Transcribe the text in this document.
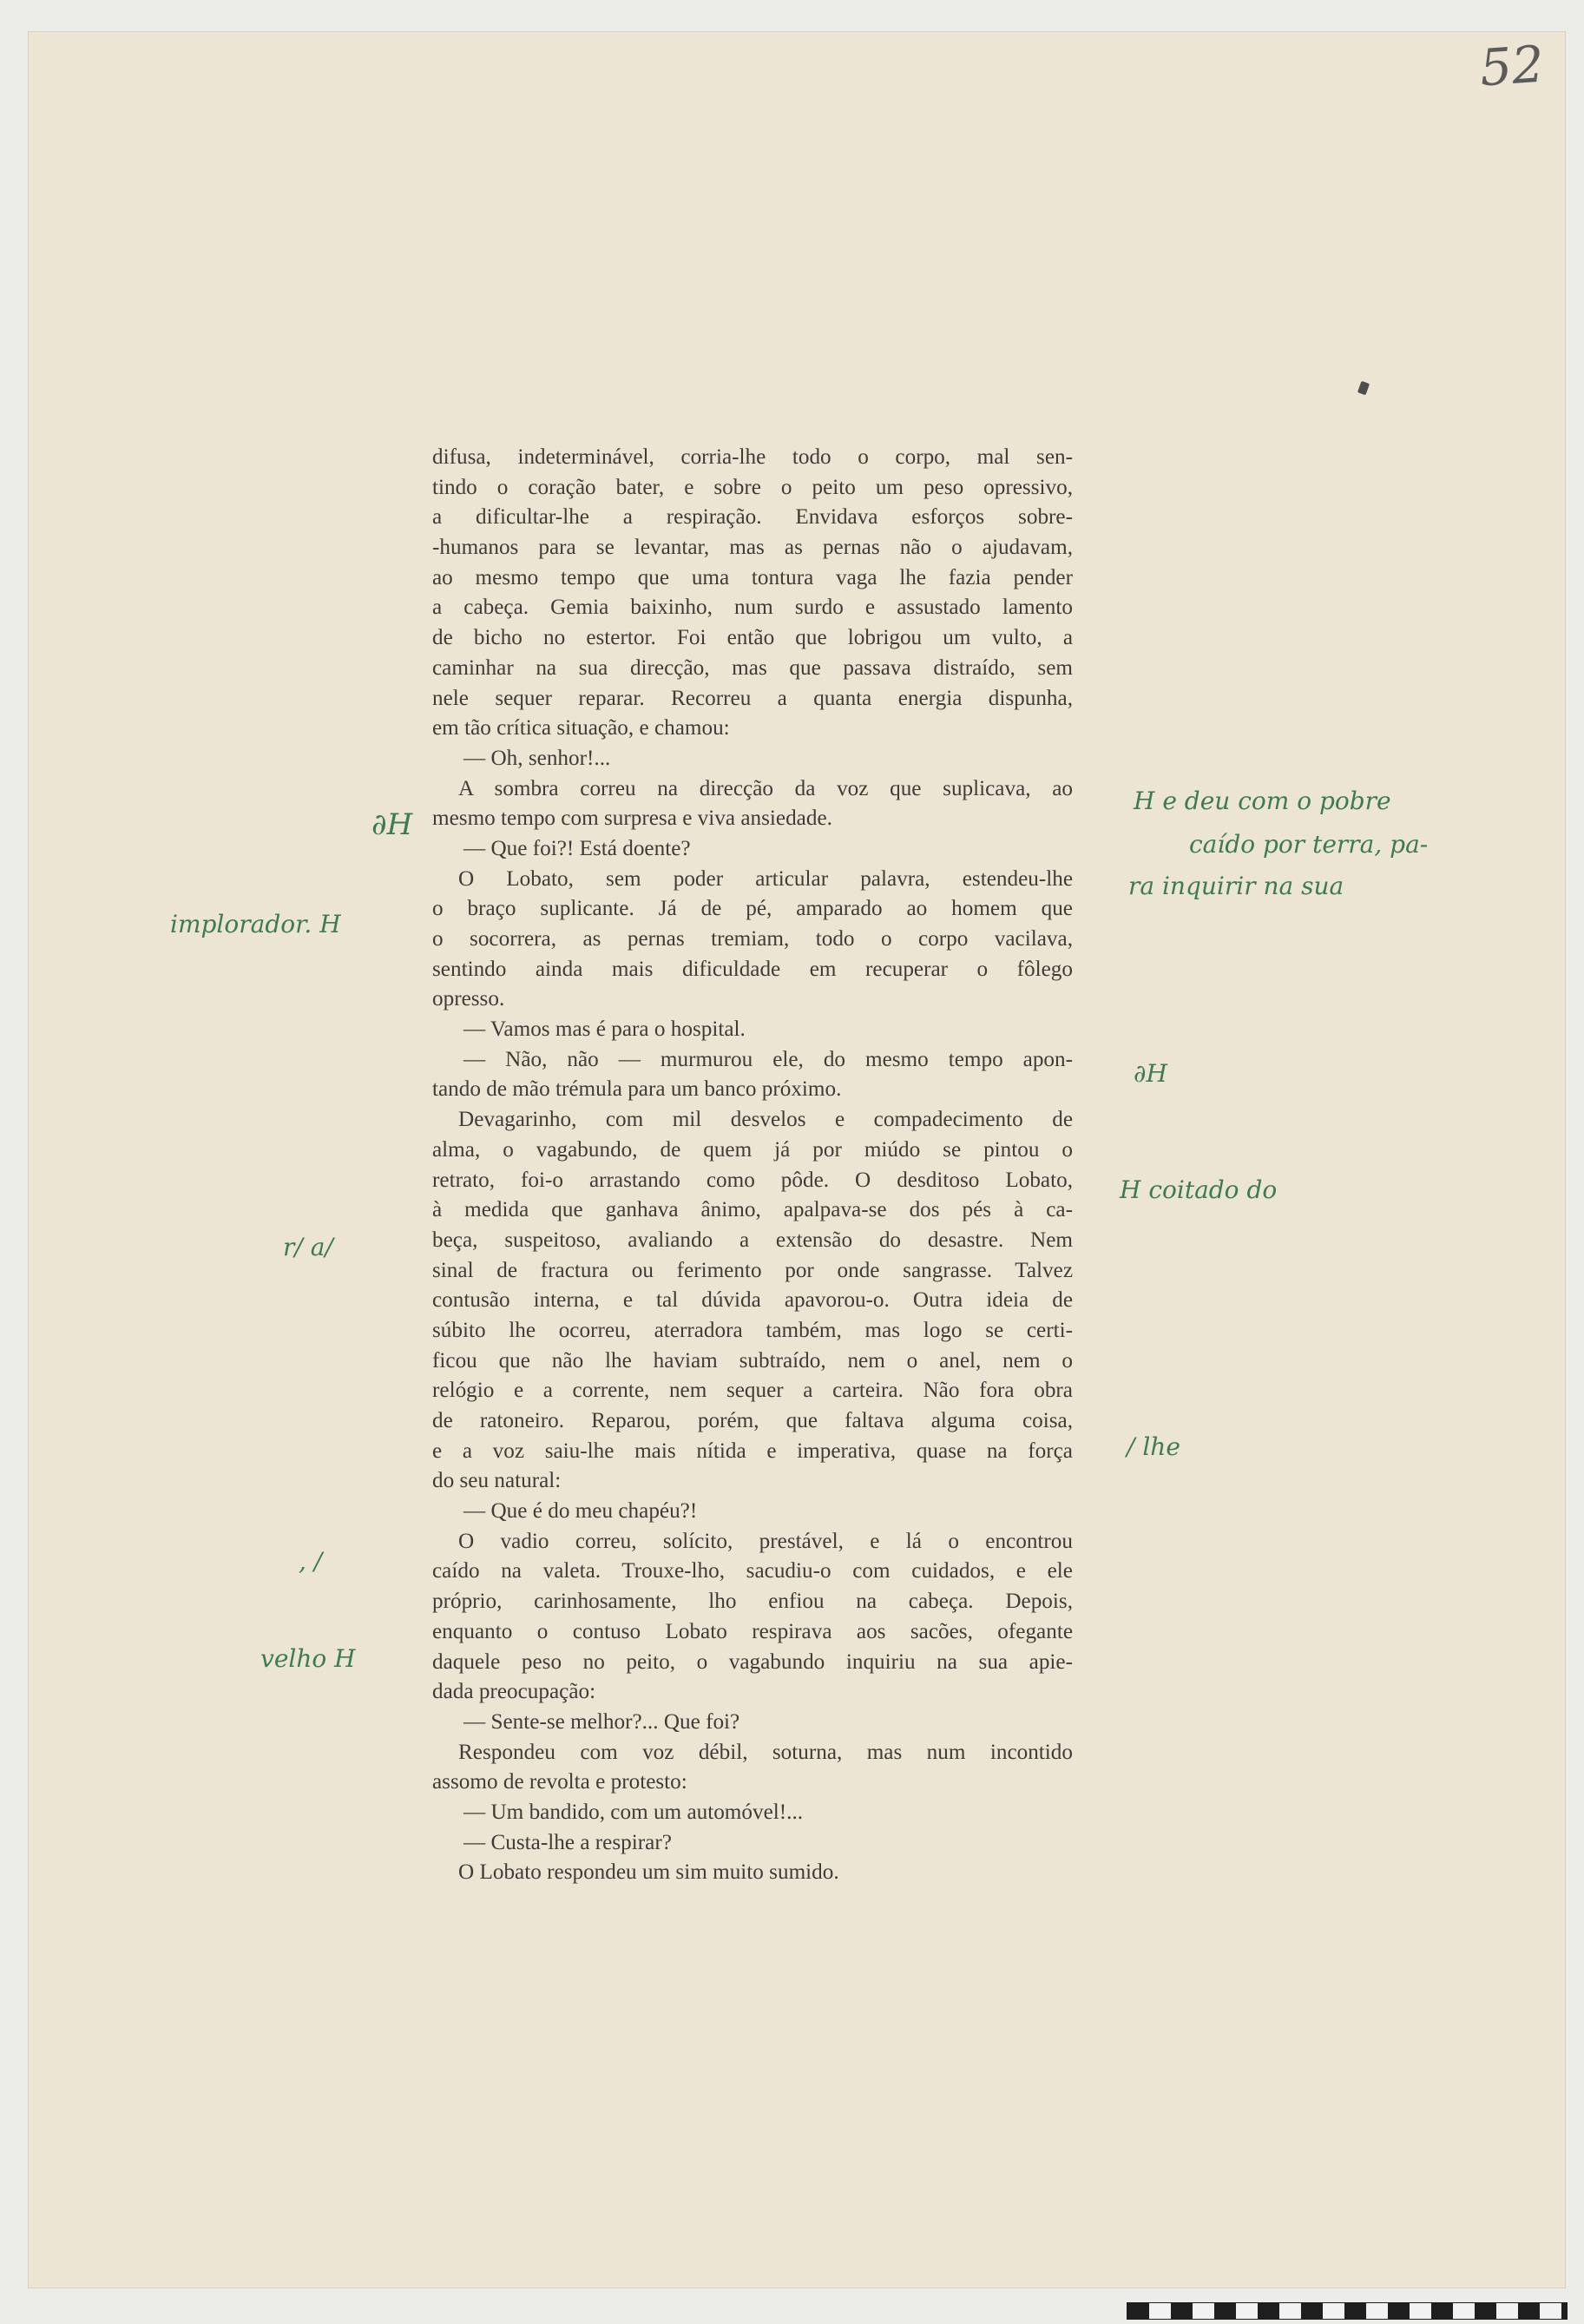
52
difusa, indeterminável, corria-lhe todo o corpo, mal sen-
tindo o coração bater, e sobre o peito um peso opressivo,
a dificultar-lhe a respiração. Envidava esforços sobre-
-humanos para se levantar, mas as pernas não o ajudavam,
ao mesmo tempo que uma tontura vaga lhe fazia pender
a cabeça. Gemia baixinho, num surdo e assustado lamento
de bicho no estertor. Foi então que lobrigou um vulto, a
caminhar na sua direcção, mas que passava distraído, sem
nele sequer reparar. Recorreu a quanta energia dispunha,
em tão crítica situação, e chamou:
— Oh, senhor!...
A sombra correu na direcção da voz que suplicava, ao
mesmo tempo com surpresa e viva ansiedade.
— Que foi?! Está doente?
O Lobato, sem poder articular palavra, estendeu-lhe
o braço suplicante. Já de pé, amparado ao homem que
o socorrera, as pernas tremiam, todo o corpo vacilava,
sentindo ainda mais dificuldade em recuperar o fôlego
opresso.
— Vamos mas é para o hospital.
— Não, não — murmurou ele, do mesmo tempo apon-
tando de mão trémula para um banco próximo.
Devagarinho, com mil desvelos e compadecimento de
alma, o vagabundo, de quem já por miúdo se pintou o
retrato, foi-o arrastando como pôde. O desditoso Lobato,
à medida que ganhava ânimo, apalpava-se dos pés à ca-
beça, suspeitoso, avaliando a extensão do desastre. Nem
sinal de fractura ou ferimento por onde sangrasse. Talvez
contusão interna, e tal dúvida apavorou-o. Outra ideia de
súbito lhe ocorreu, aterradora também, mas logo se certi-
ficou que não lhe haviam subtraído, nem o anel, nem o
relógio e a corrente, nem sequer a carteira. Não fora obra
de ratoneiro. Reparou, porém, que faltava alguma coisa,
e a voz saiu-lhe mais nítida e imperativa, quase na força
do seu natural:
— Que é do meu chapéu?!
O vadio correu, solícito, prestável, e lá o encontrou
caído na valeta. Trouxe-lho, sacudiu-o com cuidados, e ele
próprio, carinhosamente, lho enfiou na cabeça. Depois,
enquanto o contuso Lobato respirava aos sacões, ofegante
daquele peso no peito, o vagabundo inquiriu na sua apie-
dada preocupação:
— Sente-se melhor?... Que foi?
Respondeu com voz débil, soturna, mas num incontido
assomo de revolta e protesto:
— Um bandido, com um automóvel!...
— Custa-lhe a respirar?
O Lobato respondeu um sim muito sumido.
∂H
implorador. H
r/ a/
, /
velho H
H e deu com o pobre
caído por terra, pa-
ra inquirir na sua
∂H
H coitado do
/ lhe
